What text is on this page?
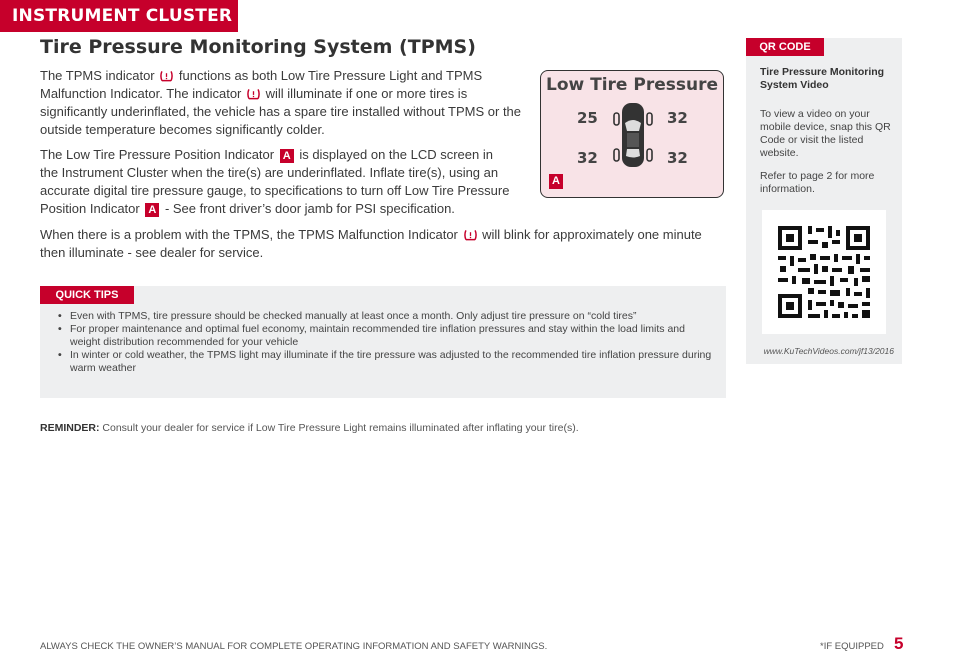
INSTRUMENT CLUSTER
Tire Pressure Monitoring System (TPMS)

The TPMS indicator functions as both Low Tire Pressure Light and TPMS Malfunction Indicator. The indicator will illuminate if one or more tires is significantly underinflated, the vehicle has a spare tire installed without TPMS or the outside temperature becomes significantly colder.

The Low Tire Pressure Position Indicator A is displayed on the LCD screen in the Instrument Cluster when the tire(s) are underinflated. Inflate tire(s), using an accurate digital tire pressure gauge, to specifications to turn off Low Tire Pressure Position Indicator A - See front driver’s door jamb for PSI specification.

When there is a problem with the TPMS, the TPMS Malfunction Indicator will blink for approximately one minute then illuminate - see dealer for service.

Low Tire Pressure
25	32
32	32
A
QR CODE
Tire Pressure Monitoring System Video

To view a video on your mobile device, snap this QR Code or visit the listed website.

Refer to page 2 for more information.

www.KuTechVideos.com/jf13/2016
QUICK TIPS
• Even with TPMS, tire pressure should be checked manually at least once a month. Only adjust tire pressure on “cold tires”
• For proper maintenance and optimal fuel economy, maintain recommended tire inflation pressures and stay within the load limits and weight distribution recommended for your vehicle
• In winter or cold weather, the TPMS light may illuminate if the tire pressure was adjusted to the recommended tire inflation pressure during warm weather
REMINDER: Consult your dealer for service if Low Tire Pressure Light remains illuminated after inflating your tire(s).
ALWAYS CHECK THE OWNER’S MANUAL FOR COMPLETE OPERATING INFORMATION AND SAFETY WARNINGS.	*IF EQUIPPED 5
